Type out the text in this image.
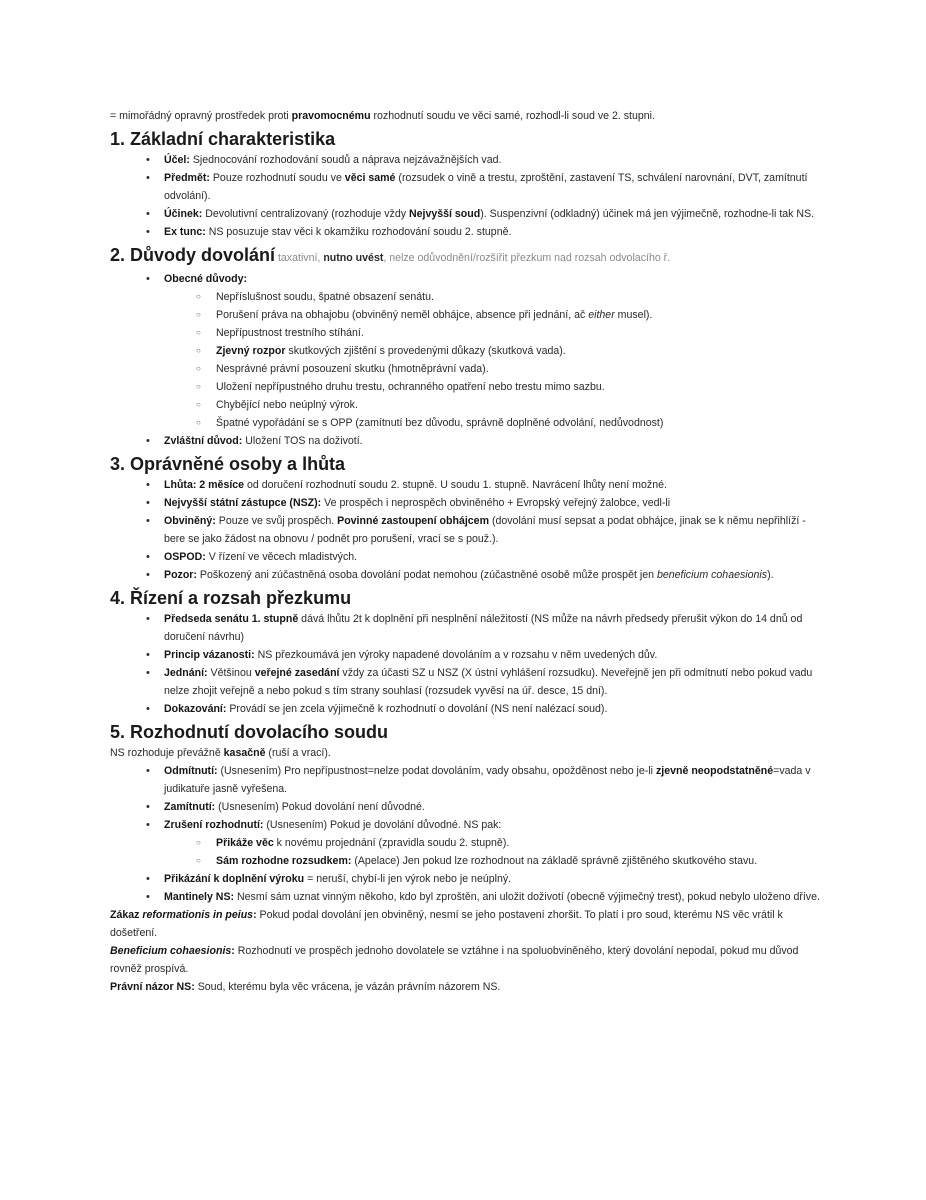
= mimořádný opravný prostředek proti pravomocnému rozhodnutí soudu ve věci samé, rozhodl-li soud ve 2. stupni.

1. Základní charakteristika
• Účel: Sjednocování rozhodování soudů a náprava nejzávažnějších vad.
• Předmět: Pouze rozhodnutí soudu ve věci samé (rozsudek o vině a trestu, zproštění, zastavení TS, schválení narovnání, DVT, zamítnutí odvolání).
• Účinek: Devolutivní centralizovaný (rozhoduje vždy Nejvyšší soud). Suspenzivní (odkladný) účinek má jen výjimečně, rozhodne-li tak NS.
• Ex tunc: NS posuzuje stav věci k okamžiku rozhodování soudu 2. stupně.
2. Důvody dovolání taxativní, nutno uvést, nelze odůvodnění/rozšířit přezkum nad rozsah odvolacího ř.
• Obecné důvody:
○ Nepříslušnost soudu, špatné obsazení senátu.
○ Porušení práva na obhajobu (obviněný neměl obhájce, absence při jednání, ač either musel).
○ Nepřípustnost trestního stíhání.
○ Zjevný rozpor skutkových zjištění s provedenými důkazy (skutková vada).
○ Nesprávné právní posouzení skutku (hmotněprávní vada).
○ Uložení nepřípustného druhu trestu, ochranného opatření nebo trestu mimo sazbu.
○ Chybějící nebo neúplný výrok.
○ Špatné vypořádání se s OPP (zamítnutí bez důvodu, správně doplněné odvolání, nedůvodnost)
• Zvláštní důvod: Uložení TOS na doživotí.
3. Oprávněné osoby a lhůta
• Lhůta: 2 měsíce od doručení rozhodnutí soudu 2. stupně. U soudu 1. stupně. Navrácení lhůty není možné.
• Nejvyšší státní zástupce (NSZ): Ve prospěch i neprospěch obviněného + Evropský veřejný žalobce, vedl-li
• Obviněný: Pouze ve svůj prospěch. Povinné zastoupení obhájcem (dovolání musí sepsat a podat obhájce, jinak se k němu nepřihlíží - bere se jako žádost na obnovu / podnět pro porušení, vrací se s použ.).
• OSPOD: V řízení ve věcech mladistvých.
• Pozor: Poškozený ani zúčastněná osoba dovolání podat nemohou (zúčastněné osobě může prospět jen beneficium cohaesionis).
4. Řízení a rozsah přezkumu
• Předseda senátu 1. stupně dává lhůtu 2t k doplnění při nesplnění náležitostí (NS může na návrh předsedy přerušit výkon do 14 dnů od doručení návrhu)
• Princip vázanosti: NS přezkoumává jen výroky napadené dovoláním a v rozsahu v něm uvedených dův.
• Jednání: Většinou veřejné zasedání vždy za účasti SZ u NSZ (X ústní vyhlášení rozsudku). Neveřejně jen při odmítnutí nebo pokud vadu nelze zhojit veřejně a nebo pokud s tím strany souhlasí (rozsudek vyvěsí na úř. desce, 15 dní).
• Dokazování: Provádí se jen zcela výjimečně k rozhodnutí o dovolání (NS není nalézací soud).
5. Rozhodnutí dovolacího soudu

NS rozhoduje převážně kasačně (ruší a vrací).

• Odmítnutí: (Usnesením) Pro nepřípustnost=nelze podat dovoláním, vady obsahu, opožděnost nebo je-li zjevně neopodstatněné=vada v judikatuře jasně vyřešena.
• Zamítnutí: (Usnesením) Pokud dovolání není důvodné.
• Zrušení rozhodnutí: (Usnesením) Pokud je dovolání důvodné. NS pak:
○ Přikáže věc k novému projednání (zpravidla soudu 2. stupně).
○ Sám rozhodne rozsudkem: (Apelace) Jen pokud lze rozhodnout na základě správně zjištěného skutkového stavu.
• Přikázání k doplnění výroku = neruší, chybí-li jen výrok nebo je neúplný.
• Mantinely NS: Nesmí sám uznat vinným někoho, kdo byl zproštěn, ani uložit doživotí (obecně výjimečný trest), pokud nebylo uloženo dříve.

Zákaz reformationis in peius: Pokud podal dovolání jen obviněný, nesmí se jeho postavení zhoršit. To platí i pro soud, kterému NS věc vrátil k došetření.

Beneficium cohaesionis: Rozhodnutí ve prospěch jednoho dovolatele se vztáhne i na spoluobviněného, který dovolání nepodal, pokud mu důvod rovněž prospívá.

Právní názor NS: Soud, kterému byla věc vrácena, je vázán právním názorem NS.
